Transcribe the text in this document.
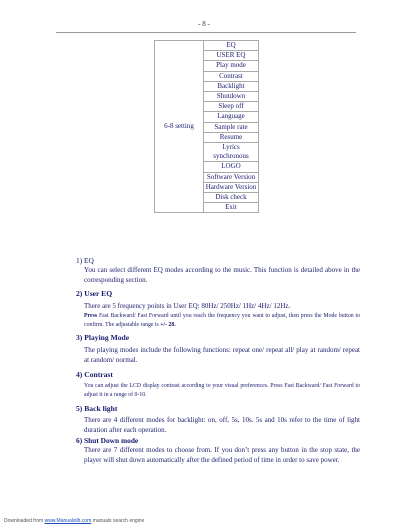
- 8 -
6-8 setting	EQ
USER EQ
Play mode
Contrast
Backlight
Shutdown
Sleep off
Language
Sample rate
Resume
Lyrics synchronous
LOGO
Software Version
Hardware Version
Disk check
Exit

1) EQ

You can select different EQ modes according to the music. This function is detailed above in the corresponding section.

2) User EQ

There are 5 frequency points in User EQ: 80Hz/ 250Hz/ 1Hz/ 4Hz/ 12Hz.

Press Fast Backward/ Fast Forward until you reach the frequency you want to adjust, then press the Mode button to confirm. The adjustable range is +/- 28.

3) Playing Mode

The playing modes include the following functions: repeat one/ repeat all/ play at random/ repeat at random/ normal.

4) Contrast

You can adjust the LCD display contrast according to your visual preferences. Press Fast Backward/ Fast Forward to adjust it in a range of 0-10.

5) Back light

There are 4 different modes for backlight: on, off, 5s, 10s. 5s and 10s refer to the time of light duration after each operation.

6) Shut Down mode

There are 7 different modes to choose from. If you don’t press any button in the stop state, the player will shut down automatically after the defined period of time in order to save power.

Downloaded from www.Manualslib.com manuals search engine
